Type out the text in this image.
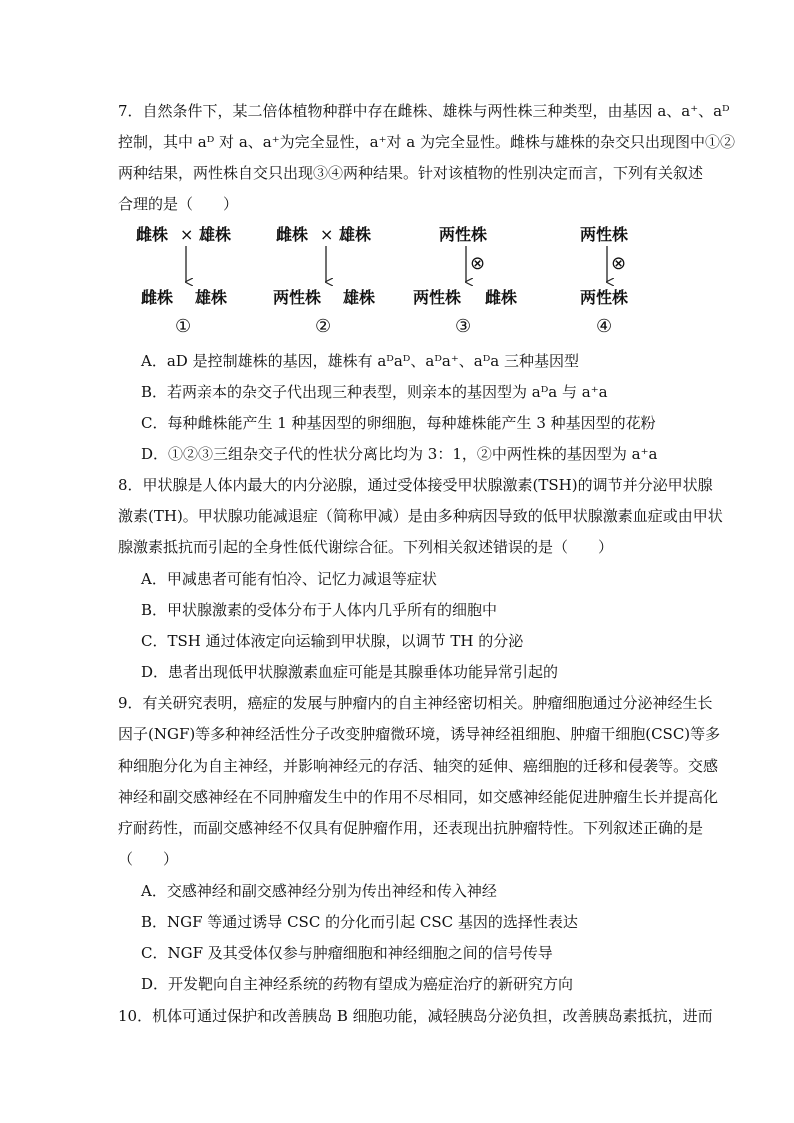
7．自然条件下，某二倍体植物种群中存在雌株、雄株与两性株三种类型，由基因 a、a⁺、aᴰ
控制，其中 aᴰ 对 a、a⁺为完全显性，a⁺对 a 为完全显性。雌株与雄株的杂交只出现图中①②
两种结果，两性株自交只出现③④两种结果。针对该植物的性别决定而言，下列有关叙述
合理的是（　　）
雌株 × 雄株
雌株 雄株
①
雌株 × 雄株
两性株 雄株
②
两性株
⊗
两性株 雌株
③
两性株
⊗
两性株
④
A．aD 是控制雄株的基因，雄株有 aᴰaᴰ、aᴰa⁺、aᴰa 三种基因型
B．若两亲本的杂交子代出现三种表型，则亲本的基因型为 aᴰa 与 a⁺a
C．每种雌株能产生 1 种基因型的卵细胞，每种雄株能产生 3 种基因型的花粉
D．①②③三组杂交子代的性状分离比均为 3：1，②中两性株的基因型为 a⁺a
8．甲状腺是人体内最大的内分泌腺，通过受体接受甲状腺激素(TSH)的调节并分泌甲状腺
激素(TH)。甲状腺功能减退症（简称甲减）是由多种病因导致的低甲状腺激素血症或由甲状
腺激素抵抗而引起的全身性低代谢综合征。下列相关叙述错误的是（　　）
A．甲减患者可能有怕冷、记忆力减退等症状
B．甲状腺激素的受体分布于人体内几乎所有的细胞中
C．TSH 通过体液定向运输到甲状腺，以调节 TH 的分泌
D．患者出现低甲状腺激素血症可能是其腺垂体功能异常引起的
9．有关研究表明，癌症的发展与肿瘤内的自主神经密切相关。肿瘤细胞通过分泌神经生长
因子(NGF)等多种神经活性分子改变肿瘤微环境，诱导神经祖细胞、肿瘤干细胞(CSC)等多
种细胞分化为自主神经，并影响神经元的存活、轴突的延伸、癌细胞的迁移和侵袭等。交感
神经和副交感神经在不同肿瘤发生中的作用不尽相同，如交感神经能促进肿瘤生长并提高化
疗耐药性，而副交感神经不仅具有促肿瘤作用，还表现出抗肿瘤特性。下列叙述正确的是
（　　）
A．交感神经和副交感神经分别为传出神经和传入神经
B．NGF 等通过诱导 CSC 的分化而引起 CSC 基因的选择性表达
C．NGF 及其受体仅参与肿瘤细胞和神经细胞之间的信号传导
D．开发靶向自主神经系统的药物有望成为癌症治疗的新研究方向
10．机体可通过保护和改善胰岛 B 细胞功能，减轻胰岛分泌负担，改善胰岛素抵抗，进而
